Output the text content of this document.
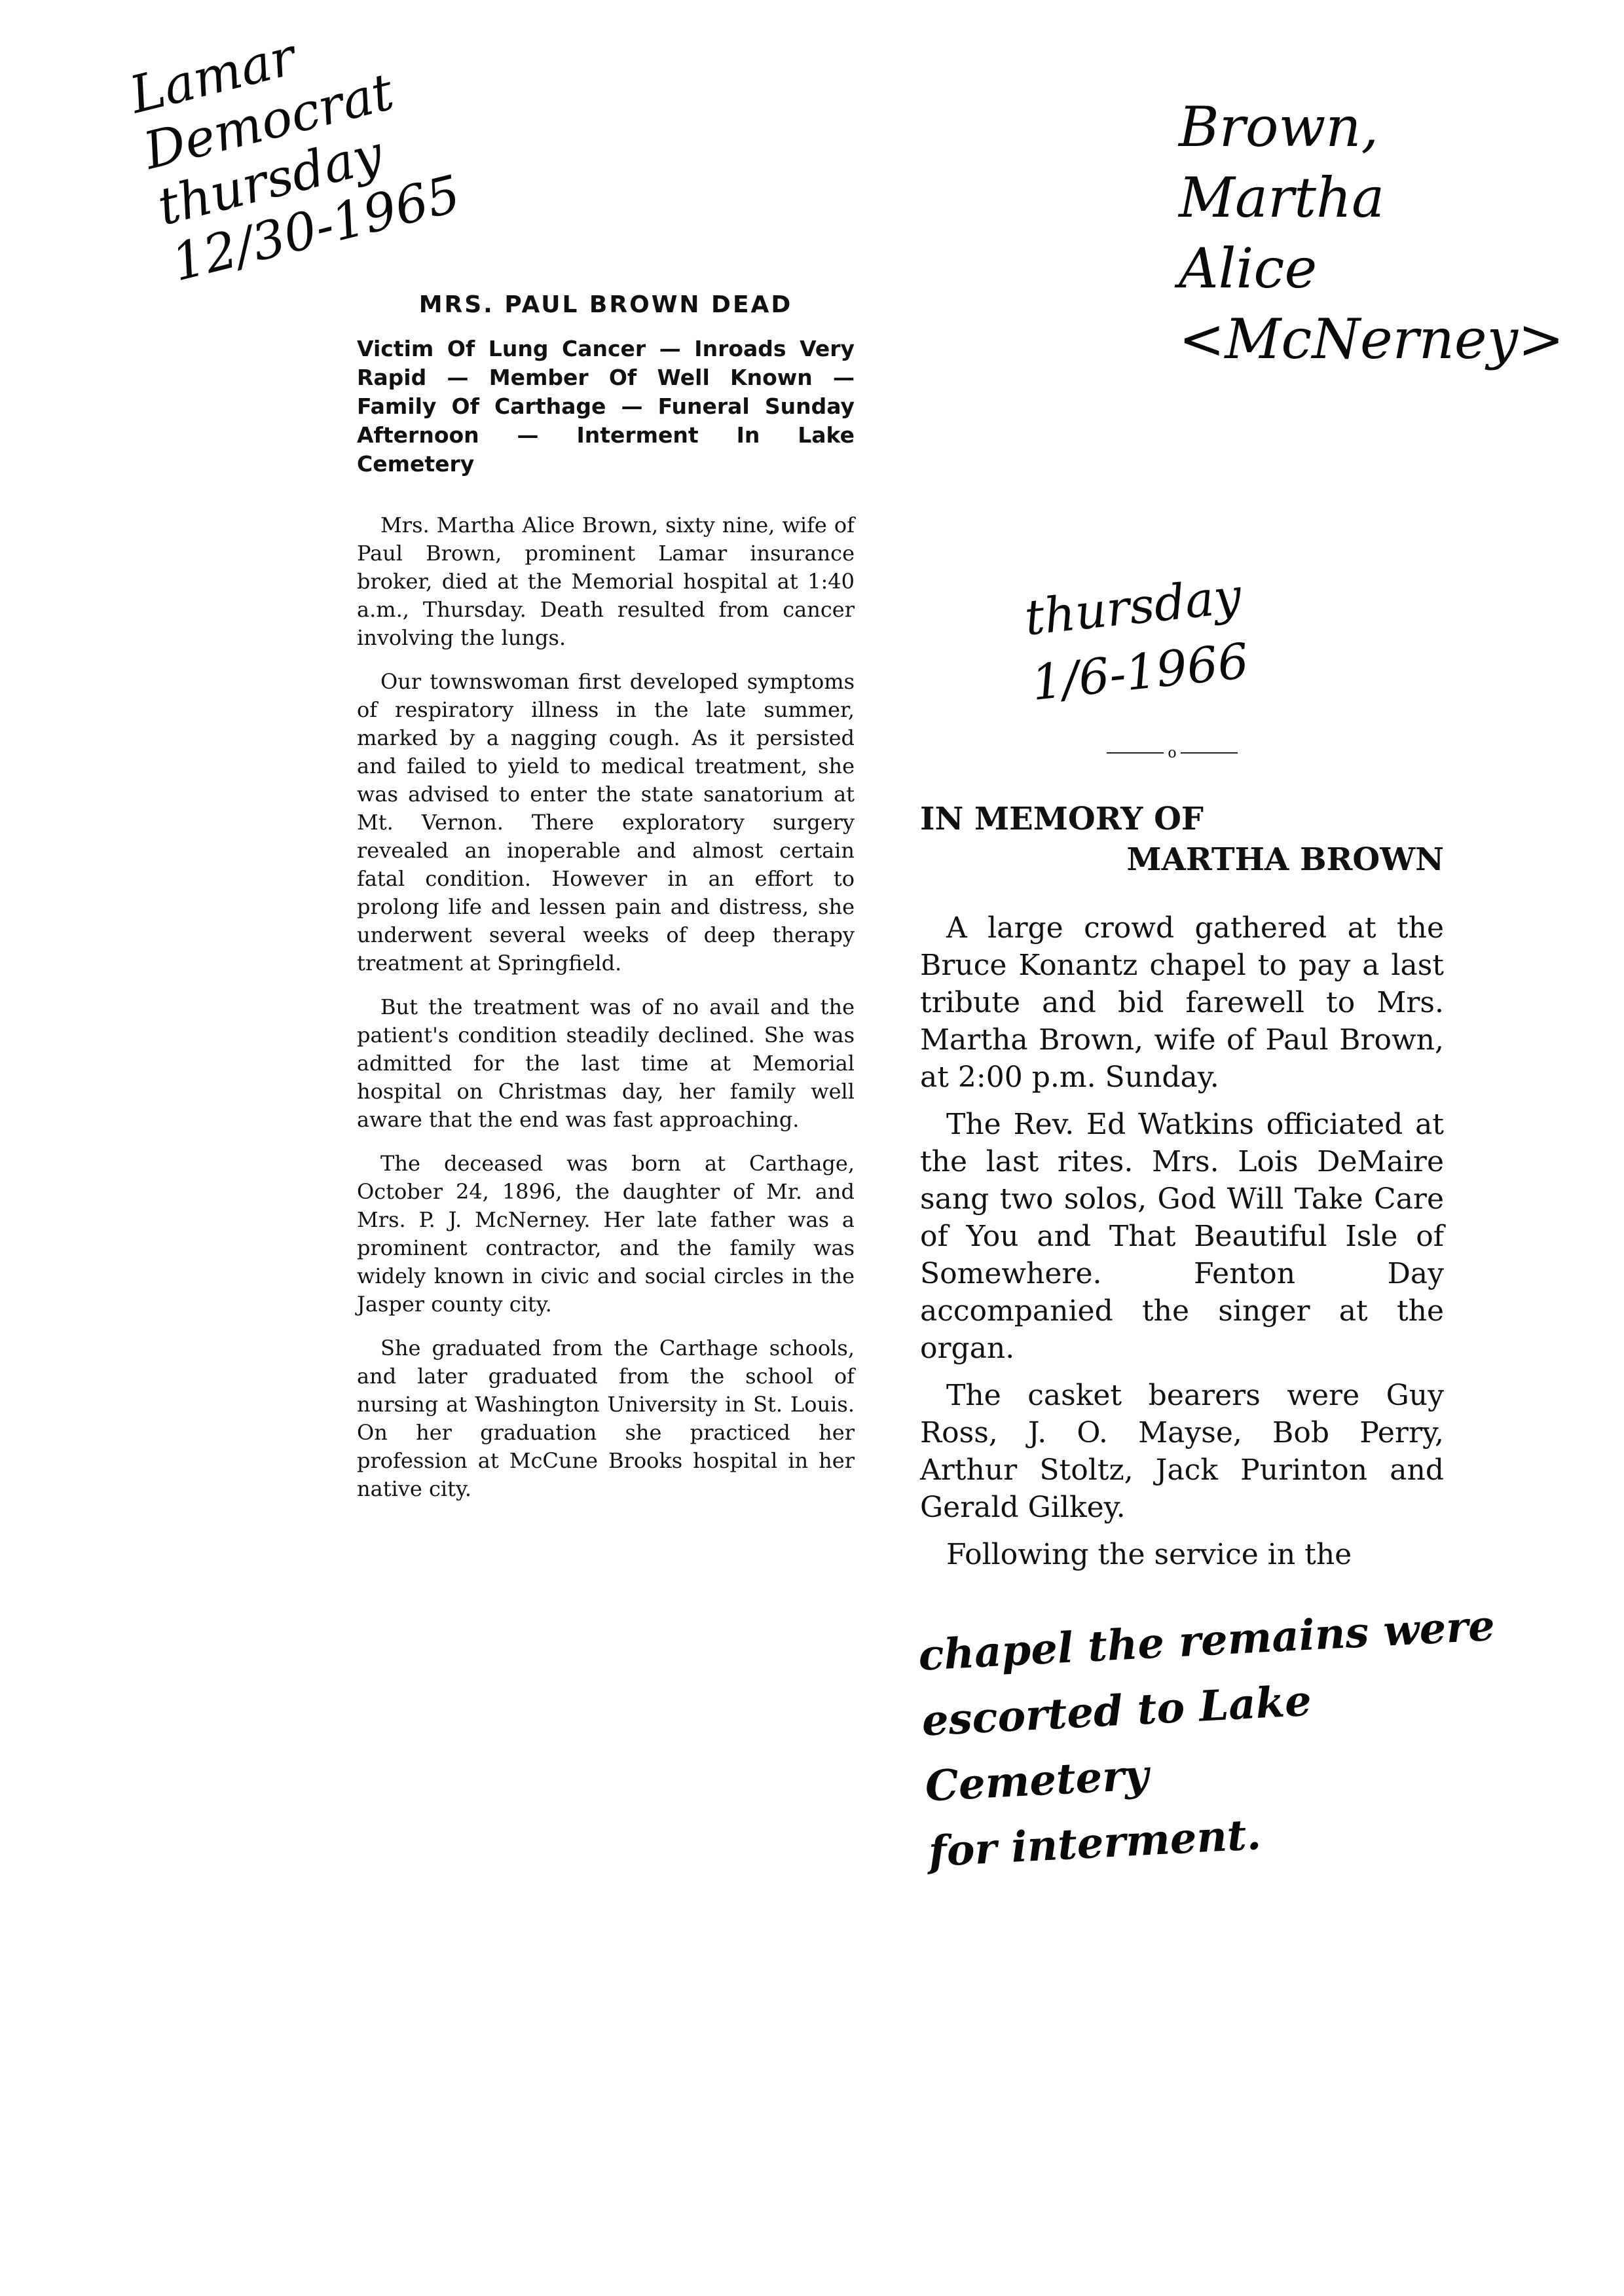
Lamar
Democrat
thursday
12/30-1965
Brown,
Martha
Alice
<McNerney>
thursday
1/6-1966
MRS. PAUL BROWN DEAD
Victim Of Lung Cancer — Inroads Very Rapid — Member Of Well Known — Family Of Carthage — Funeral Sunday Afternoon — Interment In Lake Cemetery

Mrs. Martha Alice Brown, sixty nine, wife of Paul Brown, prominent Lamar insurance broker, died at the Memorial hospital at 1:40 a.m., Thursday. Death resulted from cancer involving the lungs.

Our townswoman first developed symptoms of respiratory illness in the late summer, marked by a nagging cough. As it persisted and failed to yield to medical treatment, she was advised to enter the state sanatorium at Mt. Vernon. There exploratory surgery revealed an inoperable and almost certain fatal condition. However in an effort to prolong life and lessen pain and distress, she underwent several weeks of deep therapy treatment at Springfield.

But the treatment was of no avail and the patient's condition steadily declined. She was admitted for the last time at Memorial hospital on Christmas day, her family well aware that the end was fast approaching.

The deceased was born at Carthage, October 24, 1896, the daughter of Mr. and Mrs. P. J. McNerney. Her late father was a prominent contractor, and the family was widely known in civic and social circles in the Jasper county city.

She graduated from the Carthage schools, and later graduated from the school of nursing at Washington University in St. Louis. On her graduation she practiced her profession at McCune Brooks hospital in her native city.

o
IN MEMORY OF
MARTHA BROWN

A large crowd gathered at the Bruce Konantz chapel to pay a last tribute and bid farewell to Mrs. Martha Brown, wife of Paul Brown, at 2:00 p.m. Sunday.

The Rev. Ed Watkins officiated at the last rites. Mrs. Lois DeMaire sang two solos, God Will Take Care of You and That Beautiful Isle of Somewhere. Fenton Day accompanied the singer at the organ.

The casket bearers were Guy Ross, J. O. Mayse, Bob Perry, Arthur Stoltz, Jack Purinton and Gerald Gilkey.

Following the service in the

chapel the remains were
escorted to Lake Cemetery
for interment.
